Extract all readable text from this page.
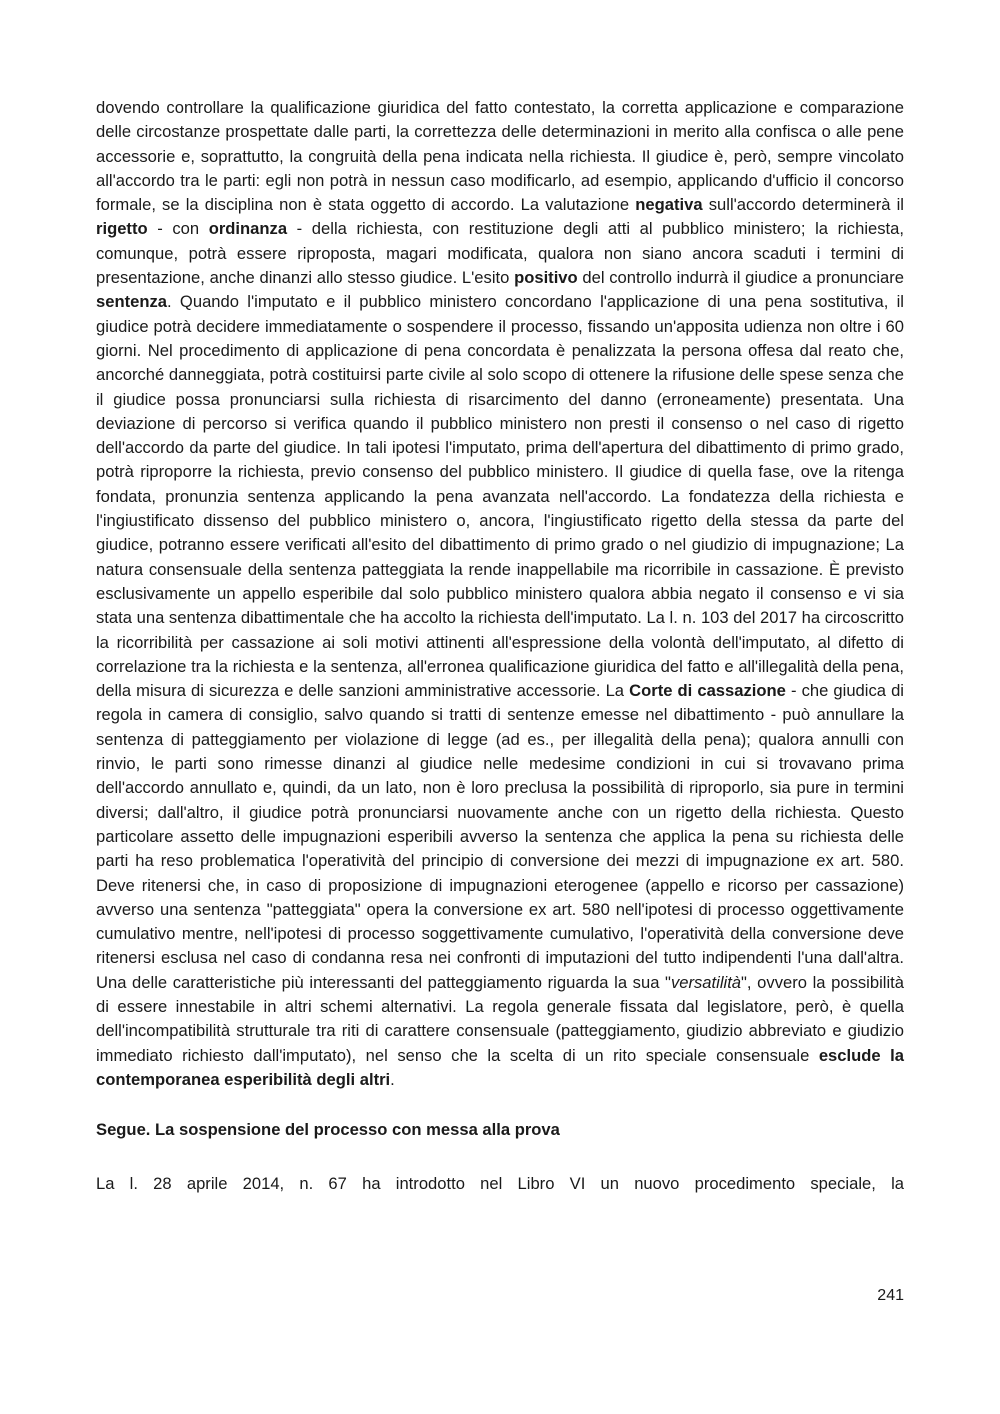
dovendo controllare la qualificazione giuridica del fatto contestato, la corretta applicazione e comparazione delle circostanze prospettate dalle parti, la correttezza delle determinazioni in merito alla confisca o alle pene accessorie e, soprattutto, la congruità della pena indicata nella richiesta. Il giudice è, però, sempre vincolato all'accordo tra le parti: egli non potrà in nessun caso modificarlo, ad esempio, applicando d'ufficio il concorso formale, se la disciplina non è stata oggetto di accordo. La valutazione negativa sull'accordo determinerà il rigetto - con ordinanza - della richiesta, con restituzione degli atti al pubblico ministero; la richiesta, comunque, potrà essere riproposta, magari modificata, qualora non siano ancora scaduti i termini di presentazione, anche dinanzi allo stesso giudice. L'esito positivo del controllo indurrà il giudice a pronunciare sentenza. Quando l'imputato e il pubblico ministero concordano l'applicazione di una pena sostitutiva, il giudice potrà decidere immediatamente o sospendere il processo, fissando un'apposita udienza non oltre i 60 giorni. Nel procedimento di applicazione di pena concordata è penalizzata la persona offesa dal reato che, ancorché danneggiata, potrà costituirsi parte civile al solo scopo di ottenere la rifusione delle spese senza che il giudice possa pronunciarsi sulla richiesta di risarcimento del danno (erroneamente) presentata. Una deviazione di percorso si verifica quando il pubblico ministero non presti il consenso o nel caso di rigetto dell'accordo da parte del giudice. In tali ipotesi l'imputato, prima dell'apertura del dibattimento di primo grado, potrà riproporre la richiesta, previo consenso del pubblico ministero. Il giudice di quella fase, ove la ritenga fondata, pronunzia sentenza applicando la pena avanzata nell'accordo. La fondatezza della richiesta e l'ingiustificato dissenso del pubblico ministero o, ancora, l'ingiustificato rigetto della stessa da parte del giudice, potranno essere verificati all'esito del dibattimento di primo grado o nel giudizio di impugnazione; La natura consensuale della sentenza patteggiata la rende inappellabile ma ricorribile in cassazione. È previsto esclusivamente un appello esperibile dal solo pubblico ministero qualora abbia negato il consenso e vi sia stata una sentenza dibattimentale che ha accolto la richiesta dell'imputato. La l. n. 103 del 2017 ha circoscritto la ricorribilità per cassazione ai soli motivi attinenti all'espressione della volontà dell'imputato, al difetto di correlazione tra la richiesta e la sentenza, all'erronea qualificazione giuridica del fatto e all'illegalità della pena, della misura di sicurezza e delle sanzioni amministrative accessorie. La Corte di cassazione - che giudica di regola in camera di consiglio, salvo quando si tratti di sentenze emesse nel dibattimento - può annullare la sentenza di patteggiamento per violazione di legge (ad es., per illegalità della pena); qualora annulli con rinvio, le parti sono rimesse dinanzi al giudice nelle medesime condizioni in cui si trovavano prima dell'accordo annullato e, quindi, da un lato, non è loro preclusa la possibilità di riproporlo, sia pure in termini diversi; dall'altro, il giudice potrà pronunciarsi nuovamente anche con un rigetto della richiesta. Questo particolare assetto delle impugnazioni esperibili avverso la sentenza che applica la pena su richiesta delle parti ha reso problematica l'operatività del principio di conversione dei mezzi di impugnazione ex art. 580. Deve ritenersi che, in caso di proposizione di impugnazioni eterogenee (appello e ricorso per cassazione) avverso una sentenza "patteggiata" opera la conversione ex art. 580 nell'ipotesi di processo oggettivamente cumulativo mentre, nell'ipotesi di processo soggettivamente cumulativo, l'operatività della conversione deve ritenersi esclusa nel caso di condanna resa nei confronti di imputazioni del tutto indipendenti l'una dall'altra. Una delle caratteristiche più interessanti del patteggiamento riguarda la sua "versatilità", ovvero la possibilità di essere innestabile in altri schemi alternativi. La regola generale fissata dal legislatore, però, è quella dell'incompatibilità strutturale tra riti di carattere consensuale (patteggiamento, giudizio abbreviato e giudizio immediato richiesto dall'imputato), nel senso che la scelta di un rito speciale consensuale esclude la contemporanea esperibilità degli altri.

Segue. La sospensione del processo con messa alla prova

La l. 28 aprile 2014, n. 67 ha introdotto nel Libro VI un nuovo procedimento speciale, la

241
